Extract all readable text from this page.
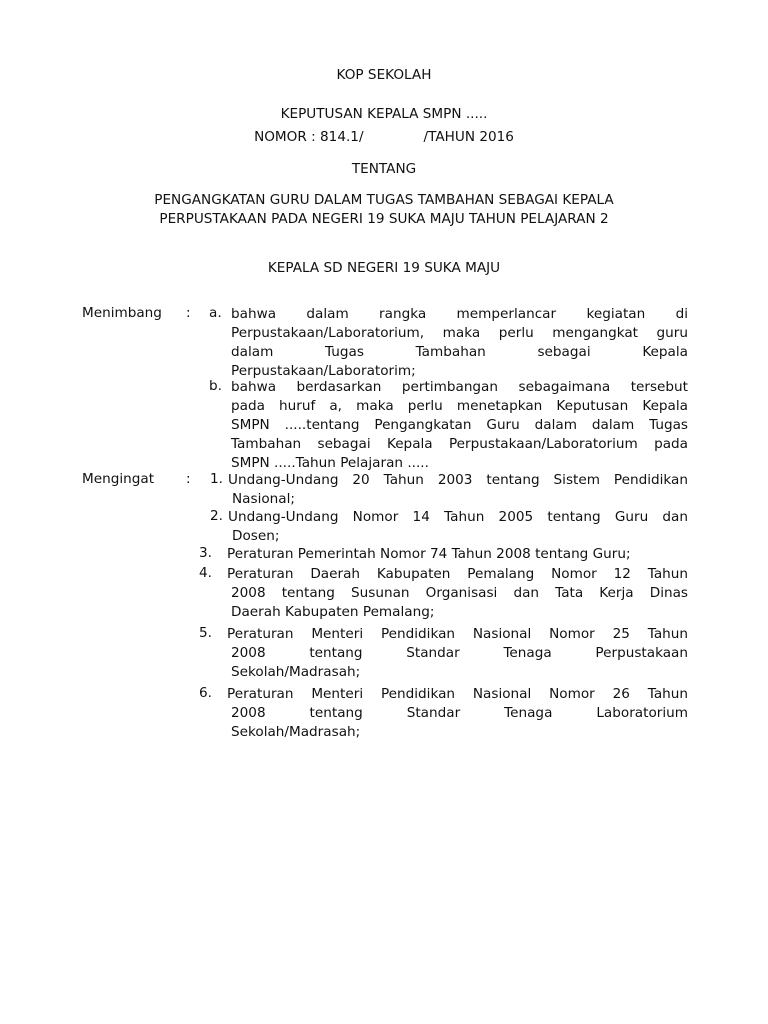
KOP SEKOLAH
KEPUTUSAN KEPALA SMPN .....
NOMOR : 814.1/	/TAHUN 2016
TENTANG
PENGANGKATAN GURU DALAM TUGAS TAMBAHAN SEBAGAI KEPALA
PERPUSTAKAAN PADA NEGERI 19 SUKA MAJU TAHUN PELAJARAN 2
KEPALA SD NEGERI 19 SUKA MAJU
Menimbang : a. bahwa dalam rangka memperlancar kegiatan di
Perpustakaan/Laboratorium, maka perlu mengangkat guru
dalam Tugas Tambahan sebagai Kepala
Perpustakaan/Laboratorim;
b. bahwa berdasarkan pertimbangan sebagaimana tersebut
pada huruf a, maka perlu menetapkan Keputusan Kepala
SMPN .....tentang Pengangkatan Guru dalam dalam Tugas
Tambahan sebagai Kepala Perpustakaan/Laboratorium pada
SMPN .....Tahun Pelajaran .....
Mengingat : 1. Undang-Undang 20 Tahun 2003 tentang Sistem Pendidikan
Nasional;
2. Undang-Undang Nomor 14 Tahun 2005 tentang Guru dan
Dosen;
3. Peraturan Pemerintah Nomor 74 Tahun 2008 tentang Guru;
4. Peraturan Daerah Kabupaten Pemalang Nomor 12 Tahun
2008 tentang Susunan Organisasi dan Tata Kerja Dinas
Daerah Kabupaten Pemalang;
5. Peraturan Menteri Pendidikan Nasional Nomor 25 Tahun
2008 tentang Standar Tenaga Perpustakaan
Sekolah/Madrasah;
6. Peraturan Menteri Pendidikan Nasional Nomor 26 Tahun
2008 tentang Standar Tenaga Laboratorium
Sekolah/Madrasah;
